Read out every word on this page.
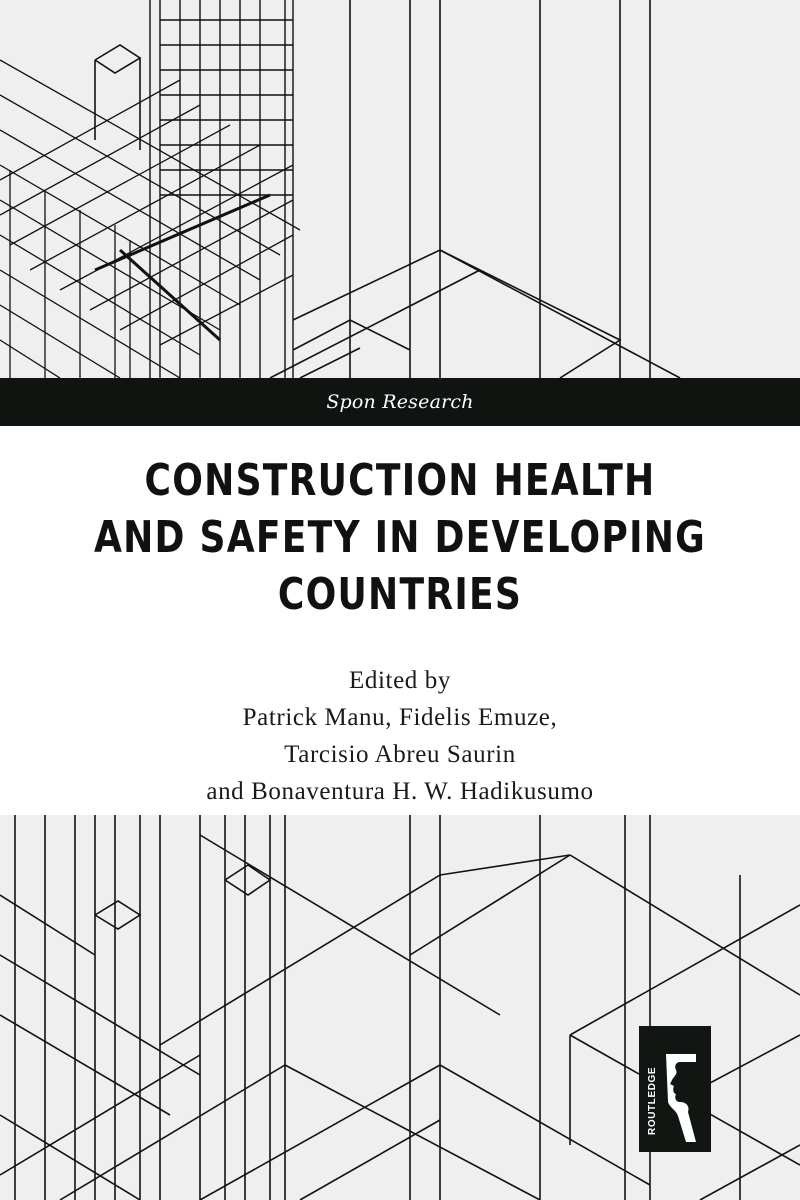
Spon Research
CONSTRUCTION HEALTH
AND SAFETY IN DEVELOPING
COUNTRIES
Edited by
Patrick Manu, Fidelis Emuze,
Tarcisio Abreu Saurin
and Bonaventura H. W. Hadikusumo
ROUTLEDGE
